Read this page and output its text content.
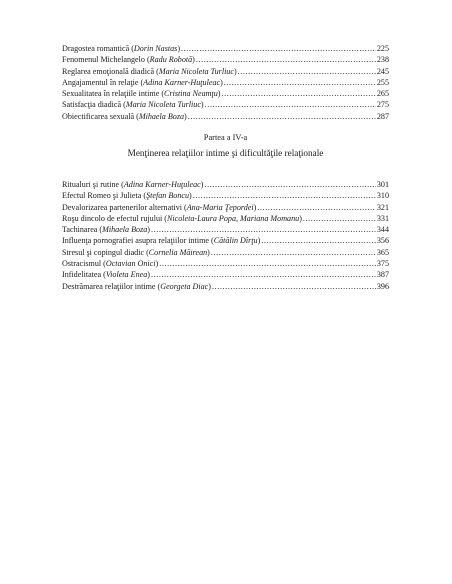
Dragostea romantică (Dorin Nastas) .....	225
Fenomenul Michelangelo (Radu Robotă) .....	238
Reglarea emoţională diadică (Maria Nicoleta Turliuc) .....	245
Angajamentul în relaţie (Adina Karner-Huţuleac) .....	255
Sexualitatea în relaţiile intime (Cristina Neamţu) .....	265
Satisfacţia diadică (Maria Nicoleta Turliuc) .....	275
Obiectificarea sexuală (Mihaela Boza) .....	287
Partea a IV-a
Menţinerea relaţiilor intime şi dificultăţile relaţionale
Ritualuri şi rutine (Adina Karner-Huţuleac) .....	301
Efectul Romeo şi Julieta (Ştefan Boncu) .....	310
Devalorizarea partenerilor alternativi (Ana-Maria Ţepordei) .....	321
Roşu dincolo de efectul rujului (Nicoleta-Laura Popa, Mariana Momanu) .....	331
Tachinarea (Mihaela Boza) .....	344
Influenţa pornografiei asupra relaţiilor intime (Cătălin Dîrţu) .....	356
Stresul şi copingul diadic (Cornelia Măirean) .....	365
Ostracismul (Octavian Onici) .....	375
Infidelitatea (Violeta Enea) .....	387
Destrămarea relaţiilor intime (Georgeta Diac) .....	396
